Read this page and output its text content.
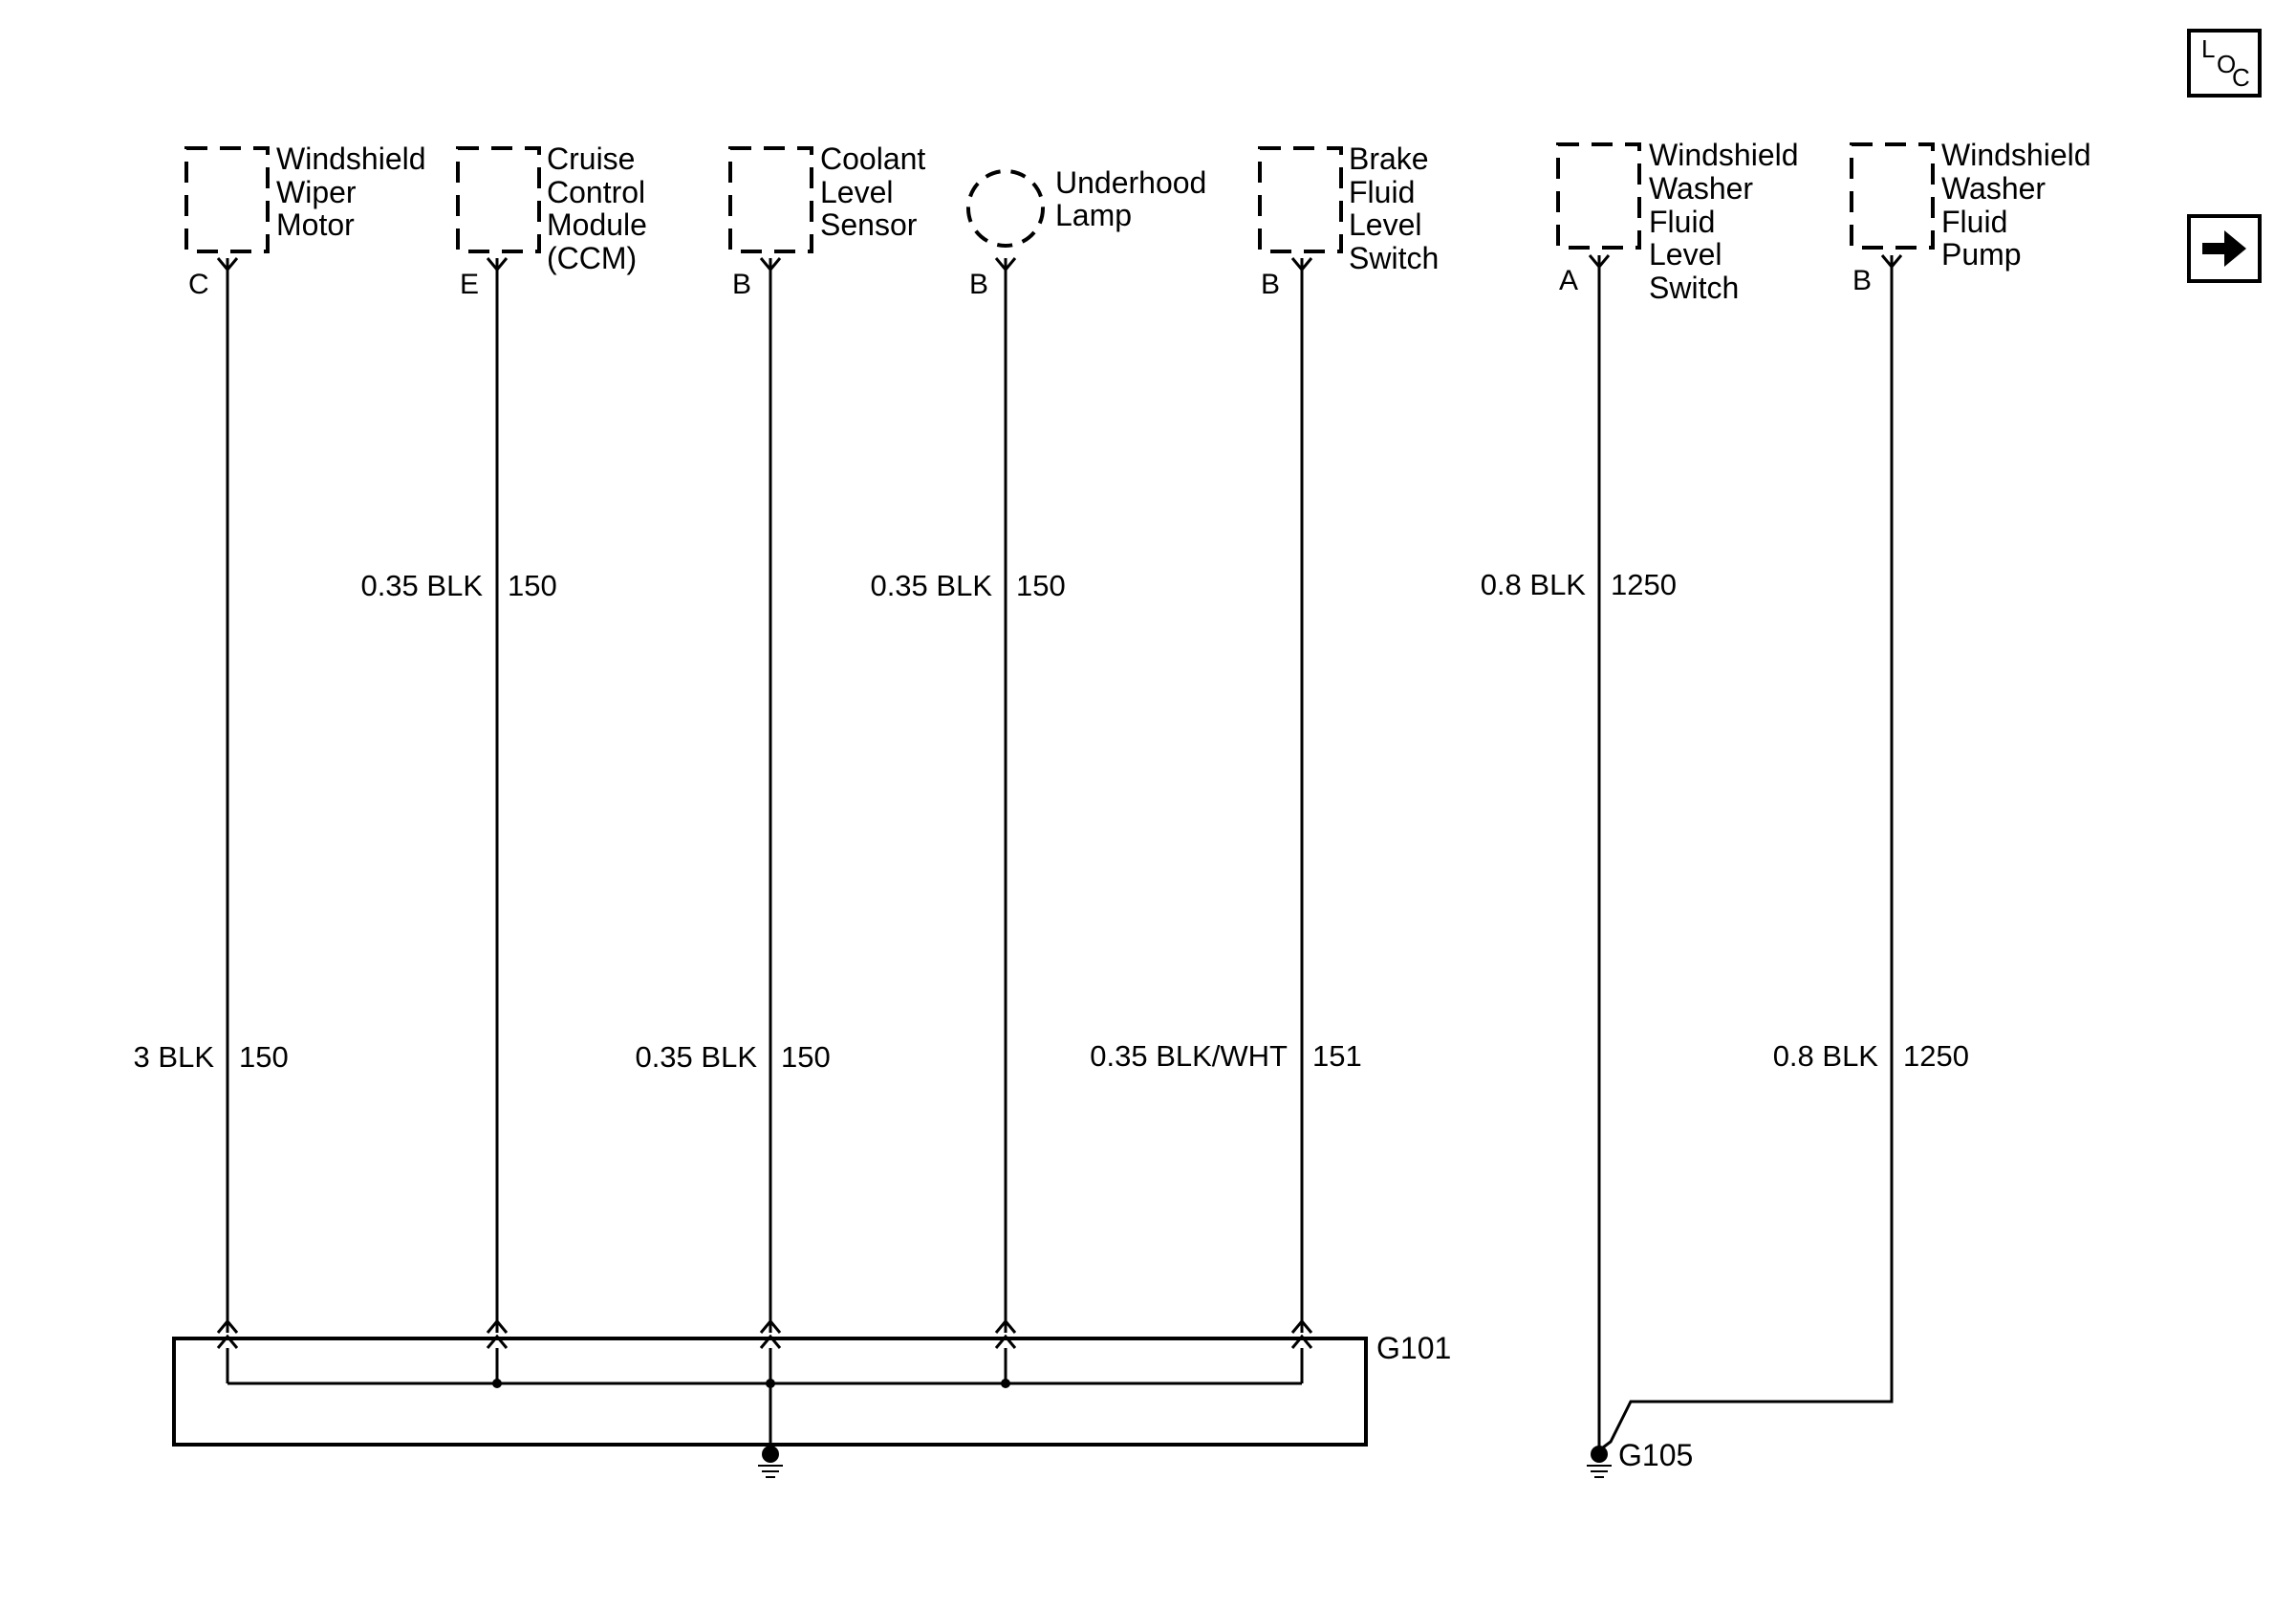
L
O
C
Windshield
Wiper
Motor
C
Cruise
Control
Module
(CCM)
E
Coolant
Level
Sensor
B
Underhood
Lamp
B
Brake
Fluid
Level
Switch
B
Windshield
Washer
Fluid
Level
Switch
A
Windshield
Washer
Fluid
Pump
B
0.35 BLK 150	0.35 BLK 150	0.8 BLK 1250
3 BLK 150	0.35 BLK 150	0.35 BLK/WHT 151	0.8 BLK 1250
G101
G105
